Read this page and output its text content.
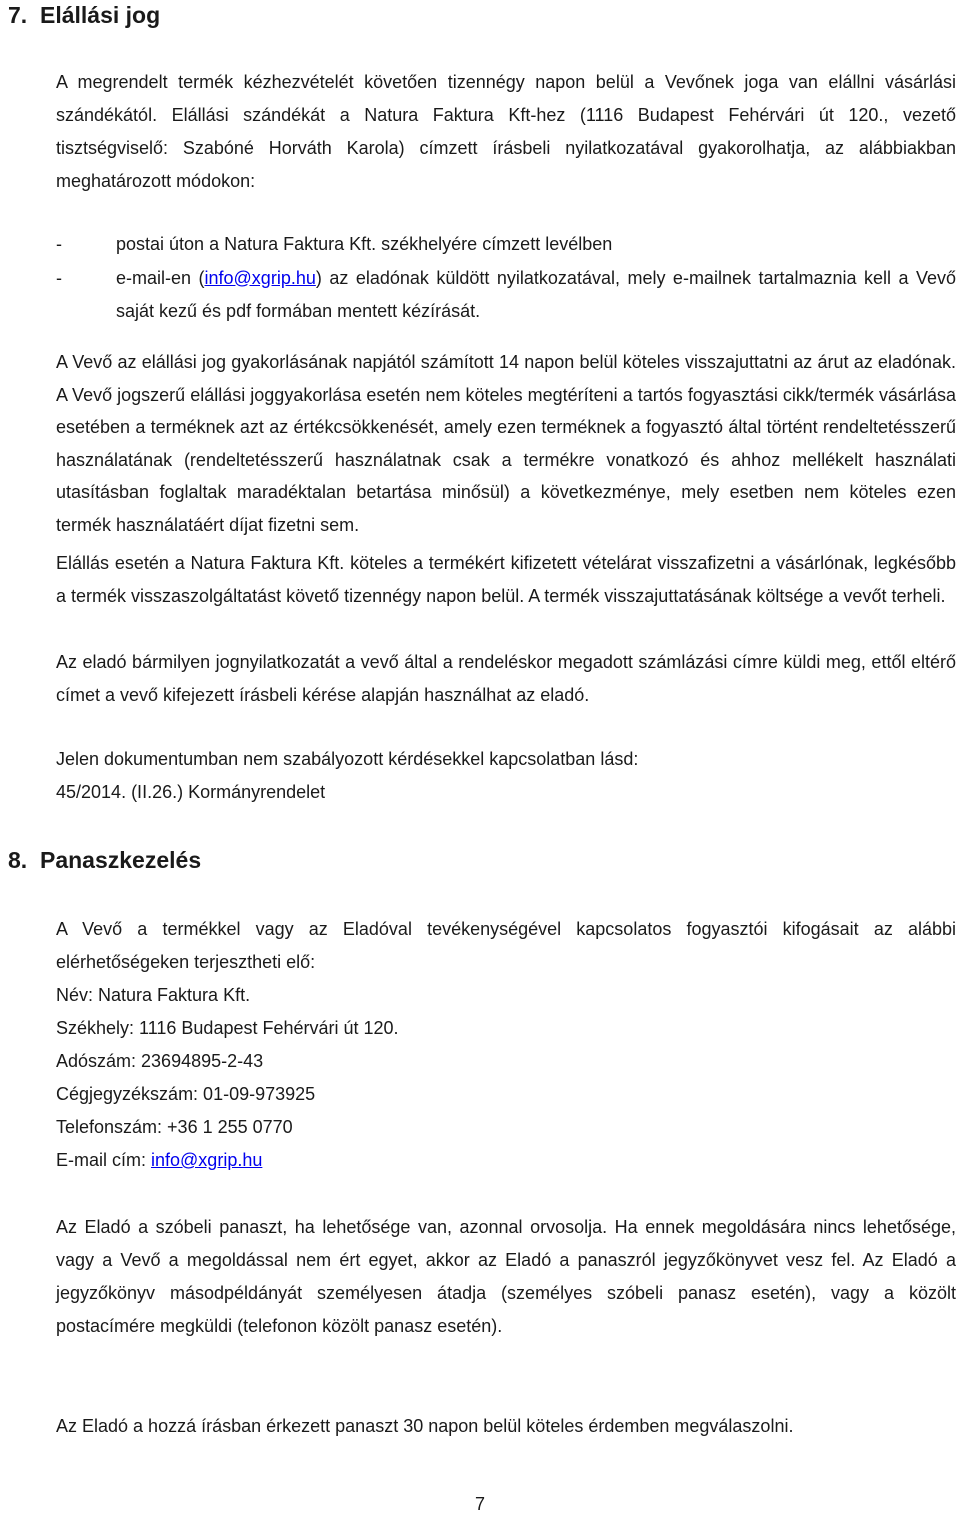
7. Elállási jog

A megrendelt termék kézhezvételét követően tizennégy napon belül a Vevőnek joga van elállni vásárlási szándékától. Elállási szándékát a Natura Faktura Kft-hez (1116 Budapest Fehérvári út 120., vezető tisztségviselő: Szabóné Horváth Karola) címzett írásbeli nyilatkozatával gyakorolhatja, az alábbiakban meghatározott módokon:

-	postai úton a Natura Faktura Kft. székhelyére címzett levélben
-	e-mail-en (info@xgrip.hu) az eladónak küldött nyilatkozatával, mely e-mailnek tartalmaznia kell a Vevő saját kezű és pdf formában mentett kézírását.

A Vevő az elállási jog gyakorlásának napjától számított 14 napon belül köteles visszajuttatni az árut az eladónak. A Vevő jogszerű elállási joggyakorlása esetén nem köteles megtéríteni a tartós fogyasztási cikk/termék vásárlása esetében a terméknek azt az értékcsökkenését, amely ezen terméknek a fogyasztó által történt rendeltetésszerű használatának (rendeltetésszerű használatnak csak a termékre vonatkozó és ahhoz mellékelt használati utasításban foglaltak maradéktalan betartása minősül) a következménye, mely esetben nem köteles ezen termék használatáért díjat fizetni sem.

Elállás esetén a Natura Faktura Kft. köteles a termékért kifizetett vételárat visszafizetni a vásárlónak, legkésőbb a termék visszaszolgáltatást követő tizennégy napon belül. A termék visszajuttatásának költsége a vevőt terheli.

Az eladó bármilyen jognyilatkozatát a vevő által a rendeléskor megadott számlázási címre küldi meg, ettől eltérő címet a vevő kifejezett írásbeli kérése alapján használhat az eladó.

Jelen dokumentumban nem szabályozott kérdésekkel kapcsolatban lásd:
45/2014. (II.26.) Kormányrendelet
8. Panaszkezelés
A Vevő a termékkel vagy az Eladóval tevékenységével kapcsolatos fogyasztói kifogásait az alábbi elérhetőségeken terjesztheti elő:
Név: Natura Faktura Kft.
Székhely: 1116 Budapest Fehérvári út 120.
Adószám: 23694895-2-43
Cégjegyzékszám: 01-09-973925
Telefonszám: +36 1 255 0770
E-mail cím: info@xgrip.hu
Az Eladó a szóbeli panaszt, ha lehetősége van, azonnal orvosolja. Ha ennek megoldására nincs lehetősége, vagy a Vevő a megoldással nem ért egyet, akkor az Eladó a panaszról jegyzőkönyvet vesz fel. Az Eladó a jegyzőkönyv másodpéldányát személyesen átadja (személyes szóbeli panasz esetén), vagy a közölt postacímére megküldi (telefonon közölt panasz esetén).
Az Eladó a hozzá írásban érkezett panaszt 30 napon belül köteles érdemben megválaszolni.
7
